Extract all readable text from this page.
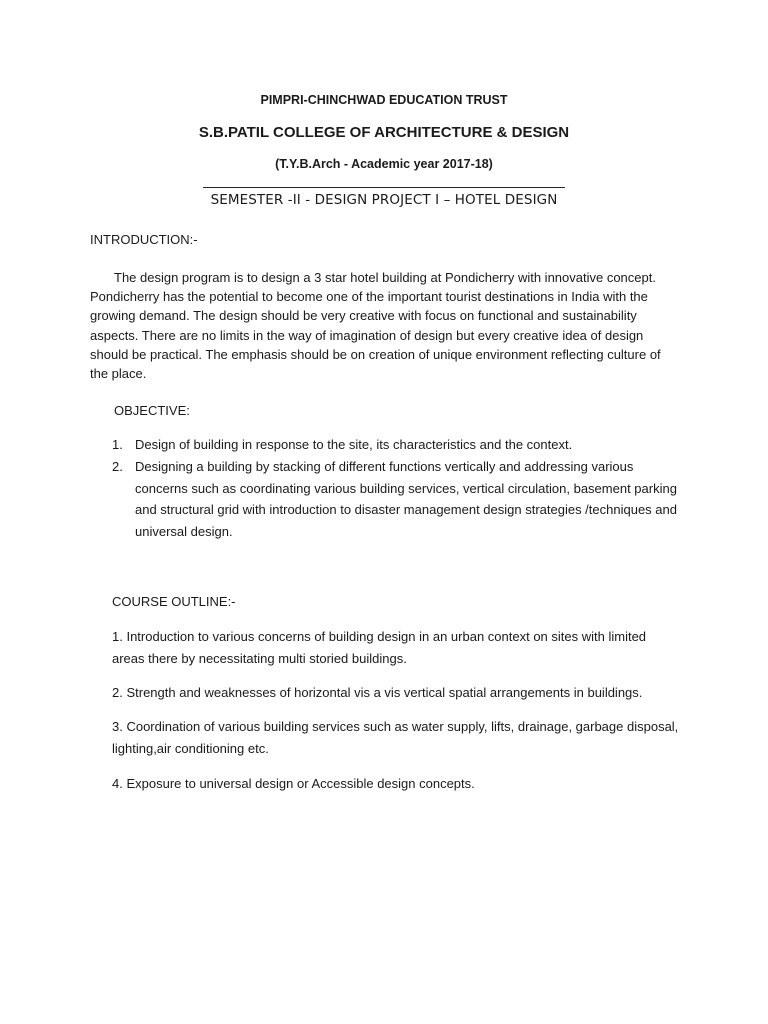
PIMPRI-CHINCHWAD EDUCATION TRUST
S.B.PATIL COLLEGE OF ARCHITECTURE & DESIGN
(T.Y.B.Arch - Academic year 2017-18)
SEMESTER -II - DESIGN PROJECT I – HOTEL DESIGN
INTRODUCTION:-

The design program is to design a 3 star hotel building at Pondicherry with innovative concept. Pondicherry has the potential to become one of the important tourist destinations in India with the growing demand. The design should be very creative with focus on functional and sustainability aspects. There are no limits in the way of imagination of design but every creative idea of design should be practical. The emphasis should be on creation of unique environment reflecting culture of the place.

OBJECTIVE:
1. Design of building in response to the site, its characteristics and the context.
2. Designing a building by stacking of different functions vertically and addressing various concerns such as coordinating various building services, vertical circulation, basement parking and structural grid with introduction to disaster management design strategies /techniques and universal design.
COURSE OUTLINE:-

1. Introduction to various concerns of building design in an urban context on sites with limited areas there by necessitating multi storied buildings.

2. Strength and weaknesses of horizontal vis a vis vertical spatial arrangements in buildings.

3. Coordination of various building services such as water supply, lifts, drainage, garbage disposal, lighting,air conditioning etc.

4. Exposure to universal design or Accessible design concepts.
